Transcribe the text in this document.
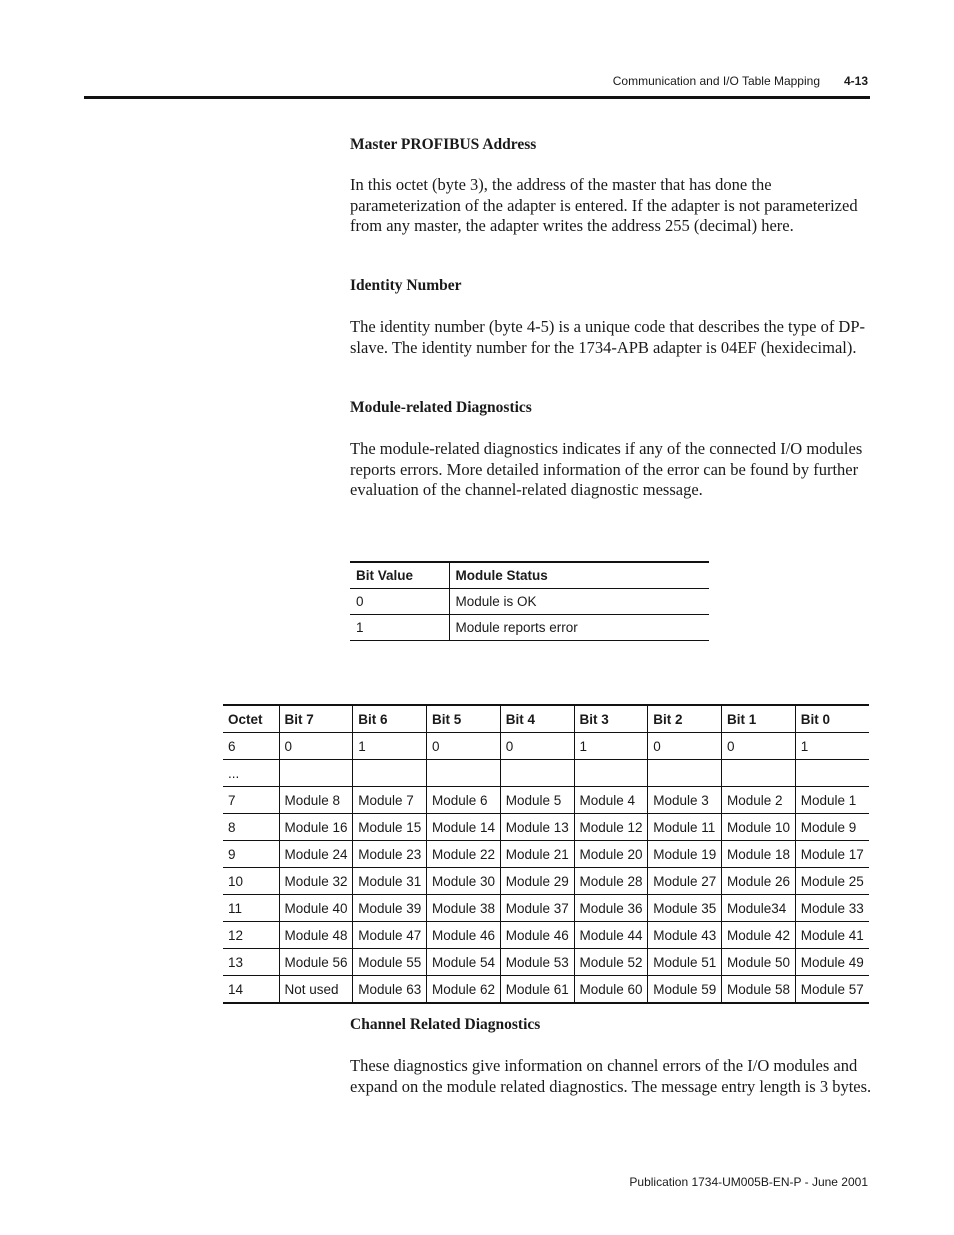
Communication and I/O Table Mapping 4-13
Master PROFIBUS Address

In this octet (byte 3), the address of the master that has done the parameterization of the adapter is entered. If the adapter is not parameterized from any master, the adapter writes the address 255 (decimal) here.

Identity Number

The identity number (byte 4-5) is a unique code that describes the type of DP-slave. The identity number for the 1734-APB adapter is 04EF (hexidecimal).

Module-related Diagnostics

The module-related diagnostics indicates if any of the connected I/O modules reports errors. More detailed information of the error can be found by further evaluation of the channel-related diagnostic message.

Bit Value	Module Status
0	Module is OK
1	Module reports error
Octet	Bit 7	Bit 6	Bit 5	Bit 4	Bit 3	Bit 2	Bit 1	Bit 0
6	0	1	0	0	1	0	0	1
...								
7	Module 8	Module 7	Module 6	Module 5	Module 4	Module 3	Module 2	Module 1
8	Module 16	Module 15	Module 14	Module 13	Module 12	Module 11	Module 10	Module 9
9	Module 24	Module 23	Module 22	Module 21	Module 20	Module 19	Module 18	Module 17
10	Module 32	Module 31	Module 30	Module 29	Module 28	Module 27	Module 26	Module 25
11	Module 40	Module 39	Module 38	Module 37	Module 36	Module 35	Module34	Module 33
12	Module 48	Module 47	Module 46	Module 46	Module 44	Module 43	Module 42	Module 41
13	Module 56	Module 55	Module 54	Module 53	Module 52	Module 51	Module 50	Module 49
14	Not used	Module 63	Module 62	Module 61	Module 60	Module 59	Module 58	Module 57
Channel Related Diagnostics

These diagnostics give information on channel errors of the I/O modules and expand on the module related diagnostics. The message entry length is 3 bytes.

Publication 1734-UM005B-EN-P - June 2001
